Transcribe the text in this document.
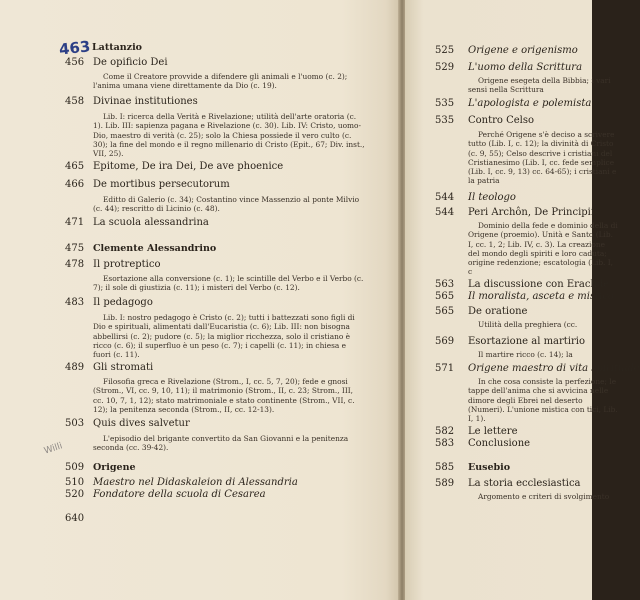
463
Willi
Lattanzio
456 De opificio Dei
Come il Creatore provvide a difendere gli animali e l'uomo (c. 2); l'anima umana viene direttamente da Dio (c. 19).
458 Divinae institutiones
Lib. I: ricerca della Verità e Rivelazione; utilità dell'arte oratoria (c. 1). Lib. III: sapienza pagana e Rivelazione (c. 30). Lib. IV: Cristo, uomo-Dio, maestro di verità (c. 25); solo la Chiesa possiede il vero culto (c. 30); la fine del mondo e il regno millenario di Cristo (Epit., 67; Div. inst., VII, 25).
465 Epitome, De ira Dei, De ave phoenice
466 De mortibus persecutorum
Editto di Galerio (c. 34); Costantino vince Massenzio al ponte Milvio (c. 44); rescritto di Licinio (c. 48).
471 La scuola alessandrina
475 Clemente Alessandrino
478 Il protreptico
Esortazione alla conversione (c. 1); le scintille del Verbo e il Verbo (c. 7); il sole di giustizia (c. 11); i misteri del Verbo (c. 12).
483 Il pedagogo
Lib. I: nostro pedagogo è Cristo (c. 2); tutti i battezzati sono figli di Dio e spirituali, alimentati dall'Eucaristia (c. 6); Lib. III: non bisogna abbellirsi (c. 2); pudore (c. 5); la miglior ricchezza, solo il cristiano è ricco (c. 6); il superfluo è un peso (c. 7); i capelli (c. 11); in chiesa e fuori (c. 11).
489 Gli stromati
Filosofia greca e Rivelazione (Strom., I, cc. 5, 7, 20); fede e gnosi (Strom., VI, cc. 9, 10, 11); il matrimonio (Strom., II, c. 23; Strom., III, cc. 10, 7, 1, 12); stato matrimoniale e stato continente (Strom., VII, c. 12); la penitenza seconda (Strom., II, cc. 12-13).
503 Quis dives salvetur
L'episodio del brigante convertito da San Giovanni e la penitenza seconda (cc. 39-42).
509 Origene
510 Maestro nel Didaskaleion di Alessandria
520 Fondatore della scuola di Cesarea
640
525 Origene e origenismo
529 L'uomo della Scrittura
Origene esegeta della Bibbia; i vari sensi nella Scrittura
535 L'apologista e polemista
535 Contro Celso
Perché Origene s'è deciso a scrivere tutto (Lib. I, c. 12); la divinità di Cristo (c. 9, 55); Celso descrive i cristiani del Cristianesimo (Lib. I, cc. fede semplice (Lib. I, cc. 9, 13) cc. 64-65); i cristiani e la patria
544 Il teologo
544 Peri Archôn, De Principiis
Dominio della fede e dominio della di Origene (proemio). Unità e Santo (Lib. I, cc. 1, 2; Lib. IV, c. 3). La creazione del mondo degli spiriti e loro caduta; origine redenzione; escatologia (Lib. I, c
563 La discussione con Eraclide
565 Il moralista, asceta e mistico
565 De oratione
Utilità della preghiera (cc.
569 Esortazione al martirio
Il martire ricco (c. 14); la
571 Origene maestro di vita spirituale
In che cosa consiste la perfezione; le tappe dell'anima che si avvicina nelle dimore degli Ebrei nel deserto (Numeri). L'unione mistica con tici, Lib. I, 1).
582 Le lettere
583 Conclusione
585 Eusebio
589 La storia ecclesiastica
Argomento e criteri di svolgimento
